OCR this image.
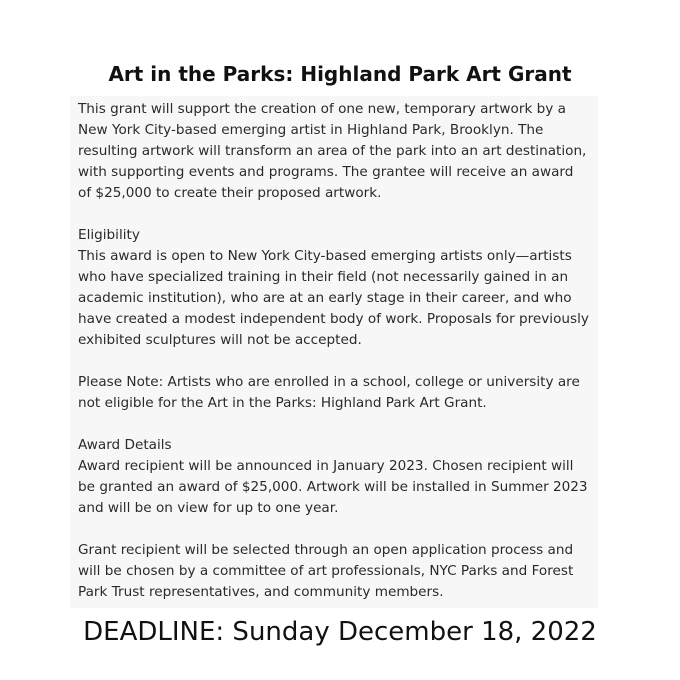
Art in the Parks: Highland Park Art Grant
This grant will support the creation of one new, temporary artwork by a
New York City-based emerging artist in Highland Park, Brooklyn. The
resulting artwork will transform an area of the park into an art destination,
with supporting events and programs. The grantee will receive an award
of $25,000 to create their proposed artwork.
Eligibility
This award is open to New York City-based emerging artists only—artists
who have specialized training in their field (not necessarily gained in an
academic institution), who are at an early stage in their career, and who
have created a modest independent body of work. Proposals for previously
exhibited sculptures will not be accepted.
Please Note: Artists who are enrolled in a school, college or university are
not eligible for the Art in the Parks: Highland Park Art Grant.
Award Details
Award recipient will be announced in January 2023. Chosen recipient will
be granted an award of $25,000. Artwork will be installed in Summer 2023
and will be on view for up to one year.
Grant recipient will be selected through an open application process and
will be chosen by a committee of art professionals, NYC Parks and Forest
Park Trust representatives, and community members.
DEADLINE: Sunday December 18, 2022
